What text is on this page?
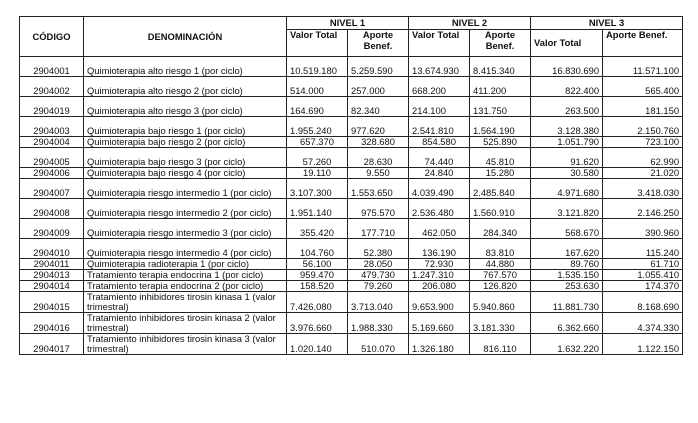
CÓDIGO	DENOMINACIÓN	NIVEL 1		NIVEL 2		NIVEL 3	
		Valor Total	Aporte Benef.	Valor Total	Aporte Benef.	Valor Total	Aporte Benef.
2904001	Quimioterapia alto riesgo 1 (por ciclo)	10.519.180	5.259.590	13.674.930	8.415.340	16.830.690	11.571.100
2904002	Quimioterapia alto riesgo 2 (por ciclo)	514.000	257.000	668.200	411.200	822.400	565.400
2904019	Quimioterapia alto riesgo 3 (por ciclo)	164.690	82.340	214.100	131.750	263.500	181.150
2904003	Quimioterapia bajo riesgo 1 (por ciclo)	1.955.240	977.620	2.541.810	1.564.190	3.128.380	2.150.760
2904004	Quimioterapia bajo riesgo 2 (por ciclo)	657.370	328.680	854.580	525.890	1.051.790	723.100
2904005	Quimioterapia bajo riesgo 3 (por ciclo)	57.260	28.630	74.440	45.810	91.620	62.990
2904006	Quimioterapia bajo riesgo 4 (por ciclo)	19.110	9.550	24.840	15.280	30.580	21.020
2904007	Quimioterapia riesgo intermedio 1 (por ciclo)	3.107.300	1.553.650	4.039.490	2.485.840	4.971.680	3.418.030
2904008	Quimioterapia riesgo intermedio 2 (por ciclo)	1.951.140	975.570	2.536.480	1.560.910	3.121.820	2.146.250
2904009	Quimioterapia riesgo intermedio 3 (por ciclo)	355.420	177.710	462.050	284.340	568.670	390.960
2904010	Quimioterapia riesgo intermedio 4 (por ciclo)	104.760	52.380	136.190	83.810	167.620	115.240
2904011	Quimioterapia radioterapia 1 (por ciclo)	56.100	28.050	72.930	44.880	89.760	61.710
2904013	Tratamiento terapia endocrina 1 (por ciclo)	959.470	479.730	1.247.310	767.570	1.535.150	1.055.410
2904014	Tratamiento terapia endocrina 2 (por ciclo)	158.520	79.260	206.080	126.820	253.630	174.370
2904015	Tratamiento inhibidores tirosin kinasa 1 (valor trimestral)	7.426.080	3.713.040	9.653.900	5.940.860	11.881.730	8.168.690
2904016	Tratamiento inhibidores tirosin kinasa 2 (valor trimestral)	3.976.660	1.988.330	5.169.660	3.181.330	6.362.660	4.374.330
2904017	Tratamiento inhibidores tirosin kinasa 3 (valor trimestral)	1.020.140	510.070	1.326.180	816.110	1.632.220	1.122.150
